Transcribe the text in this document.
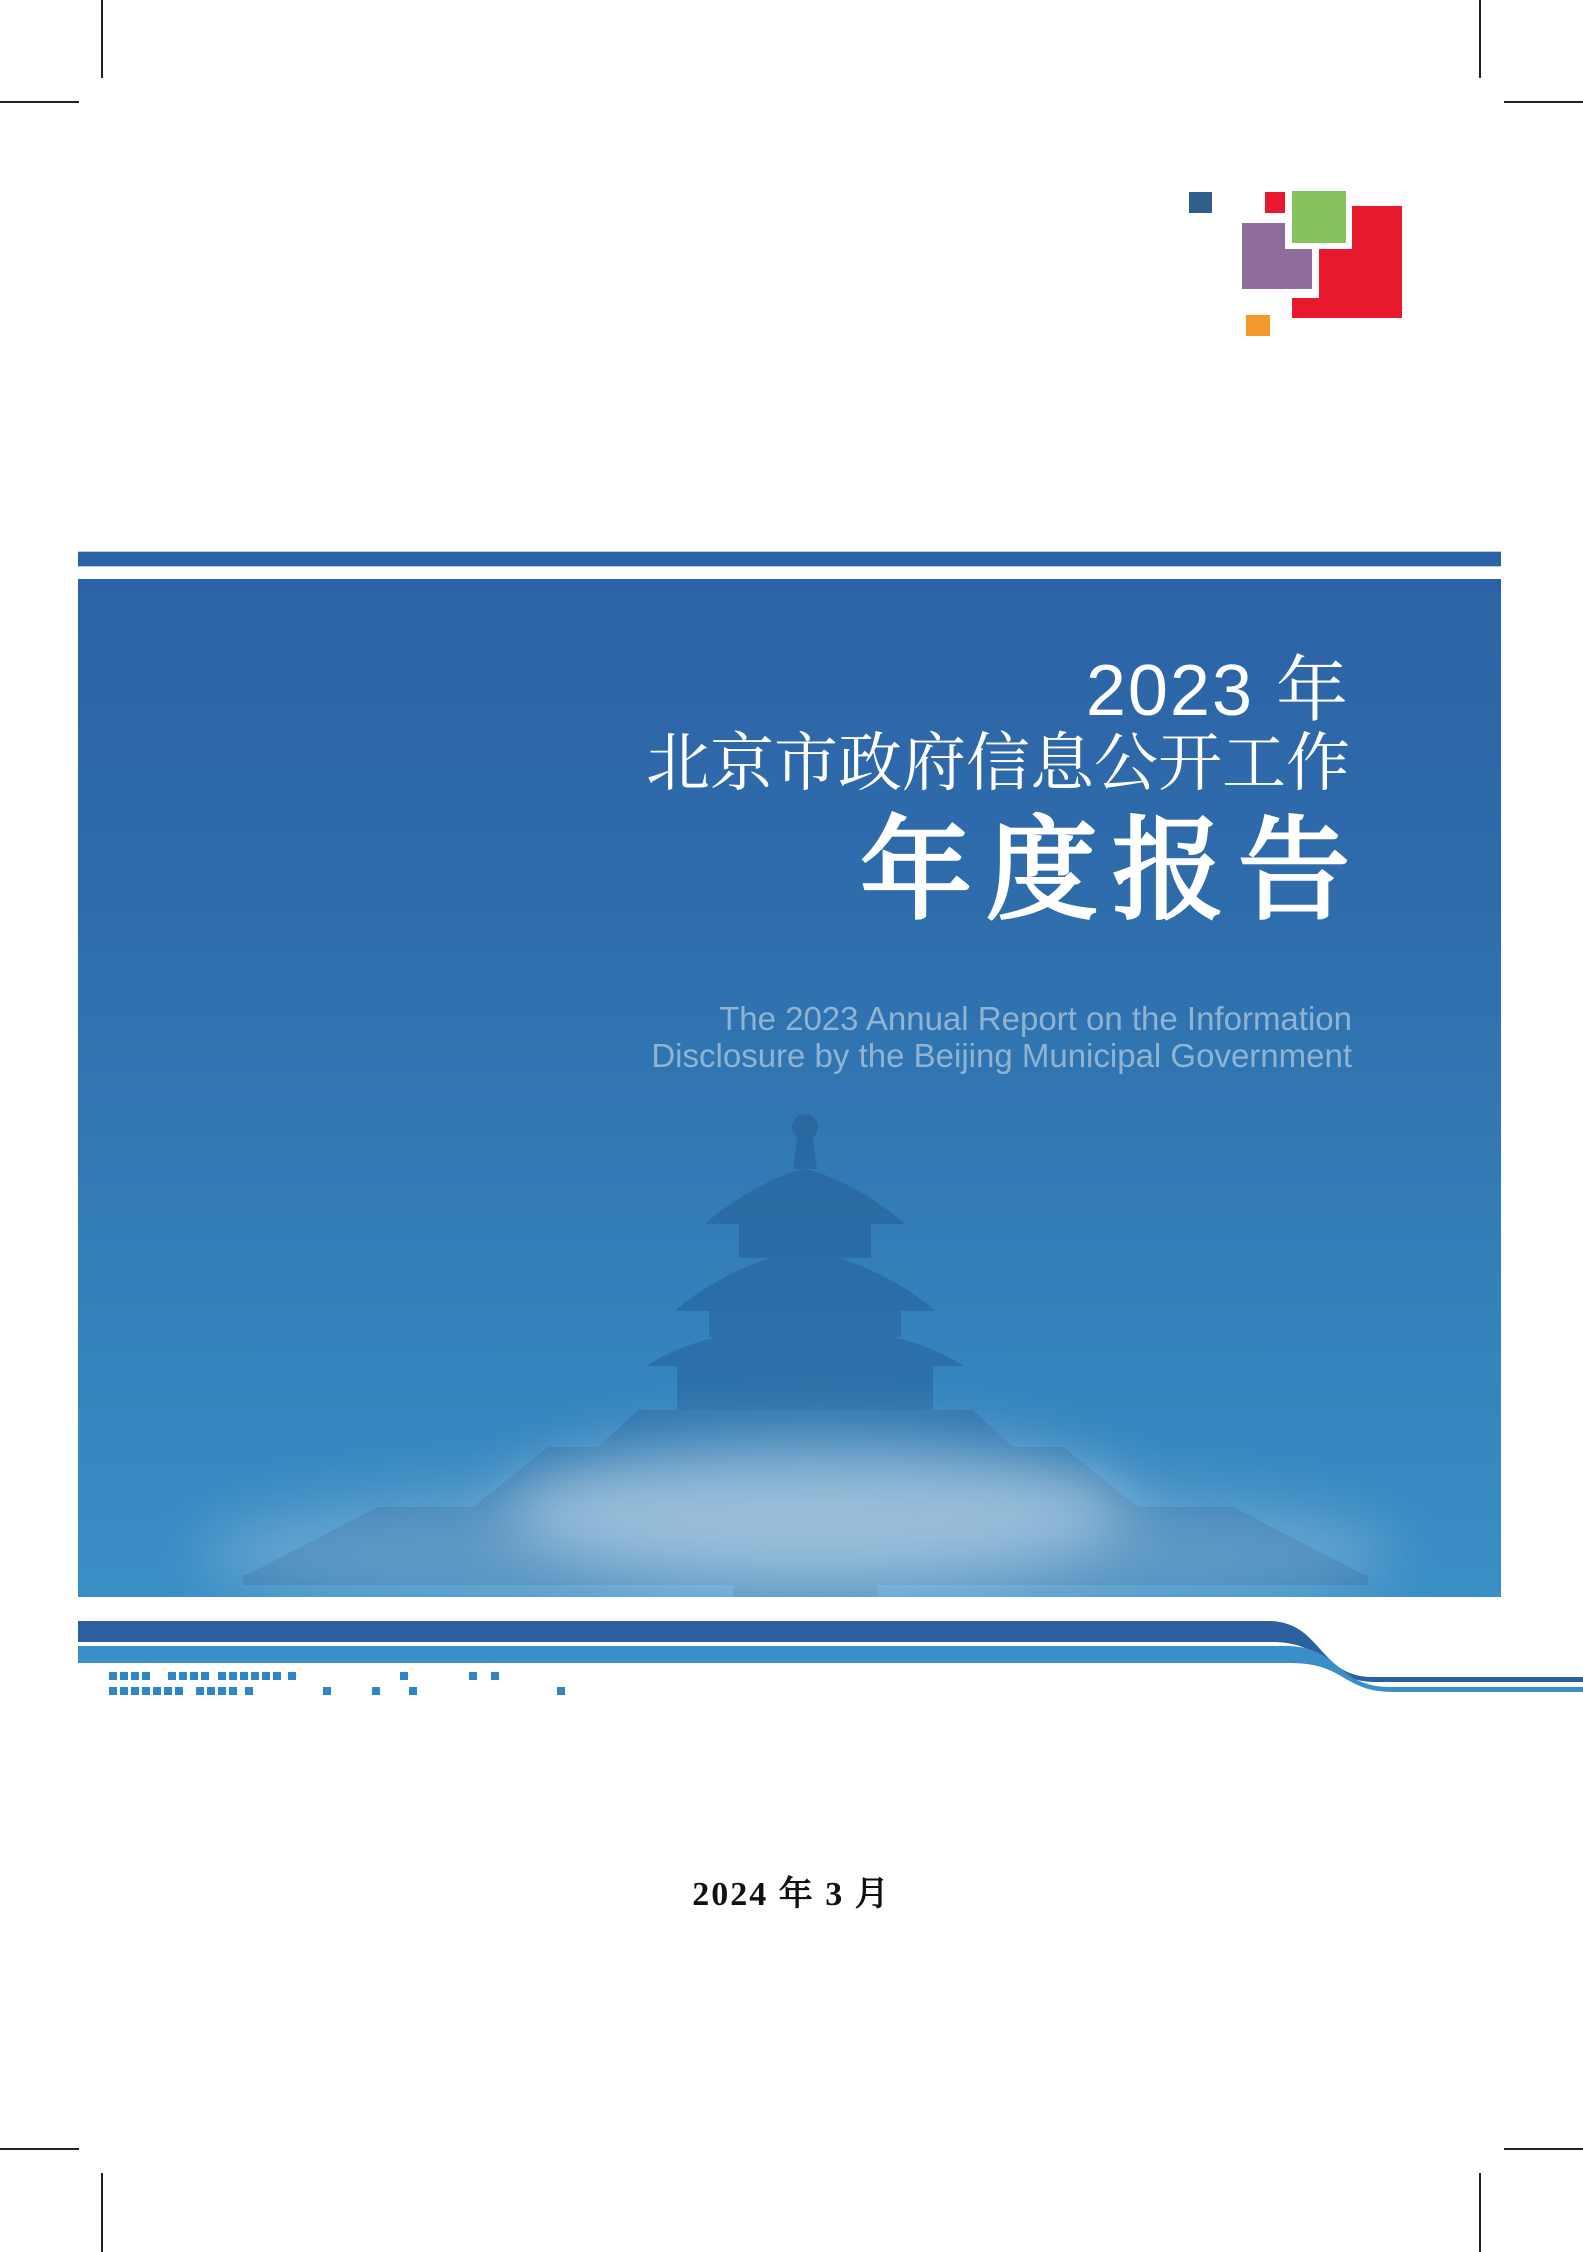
2023 年
北京市政府信息公开工作
年度报告
The 2023 Annual Report on the Information
Disclosure by the Beijing Municipal Government
2024 年 3 月
